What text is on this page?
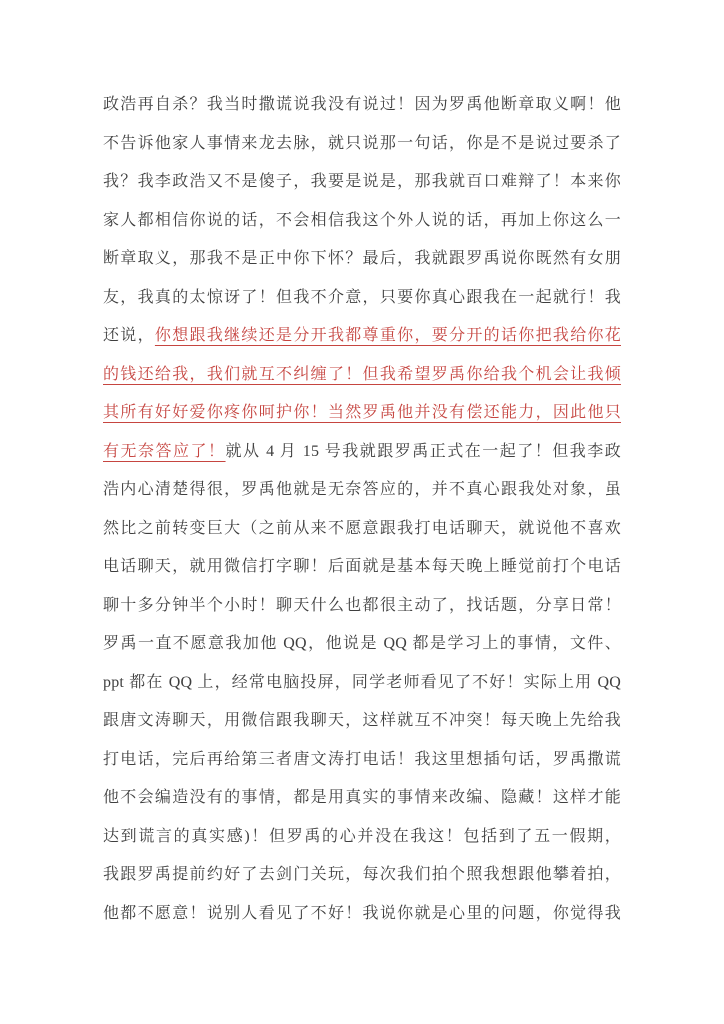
政浩再自杀？我当时撒谎说我没有说过！因为罗禹他断章取义啊！他
不告诉他家人事情来龙去脉，就只说那一句话，你是不是说过要杀了
我？我李政浩又不是傻子，我要是说是，那我就百口难辩了！本来你
家人都相信你说的话，不会相信我这个外人说的话，再加上你这么一
断章取义，那我不是正中你下怀？最后，我就跟罗禹说你既然有女朋
友，我真的太惊讶了！但我不介意，只要你真心跟我在一起就行！我
还说，你想跟我继续还是分开我都尊重你，要分开的话你把我给你花
的钱还给我，我们就互不纠缠了！但我希望罗禹你给我个机会让我倾
其所有好好爱你疼你呵护你！当然罗禹他并没有偿还能力，因此他只
有无奈答应了！就从 4 月 15 号我就跟罗禹正式在一起了！但我李政
浩内心清楚得很，罗禹他就是无奈答应的，并不真心跟我处对象，虽
然比之前转变巨大（之前从来不愿意跟我打电话聊天，就说他不喜欢
电话聊天，就用微信打字聊！后面就是基本每天晚上睡觉前打个电话
聊十多分钟半个小时！聊天什么也都很主动了，找话题，分享日常！
罗禹一直不愿意我加他 QQ，他说是 QQ 都是学习上的事情，文件、
ppt 都在 QQ 上，经常电脑投屏，同学老师看见了不好！实际上用 QQ
跟唐文涛聊天，用微信跟我聊天，这样就互不冲突！每天晚上先给我
打电话，完后再给第三者唐文涛打电话！我这里想插句话，罗禹撒谎
他不会编造没有的事情，都是用真实的事情来改编、隐藏！这样才能
达到谎言的真实感)！但罗禹的心并没在我这！包括到了五一假期，
我跟罗禹提前约好了去剑门关玩，每次我们拍个照我想跟他攀着拍，
他都不愿意！说别人看见了不好！我说你就是心里的问题，你觉得我
